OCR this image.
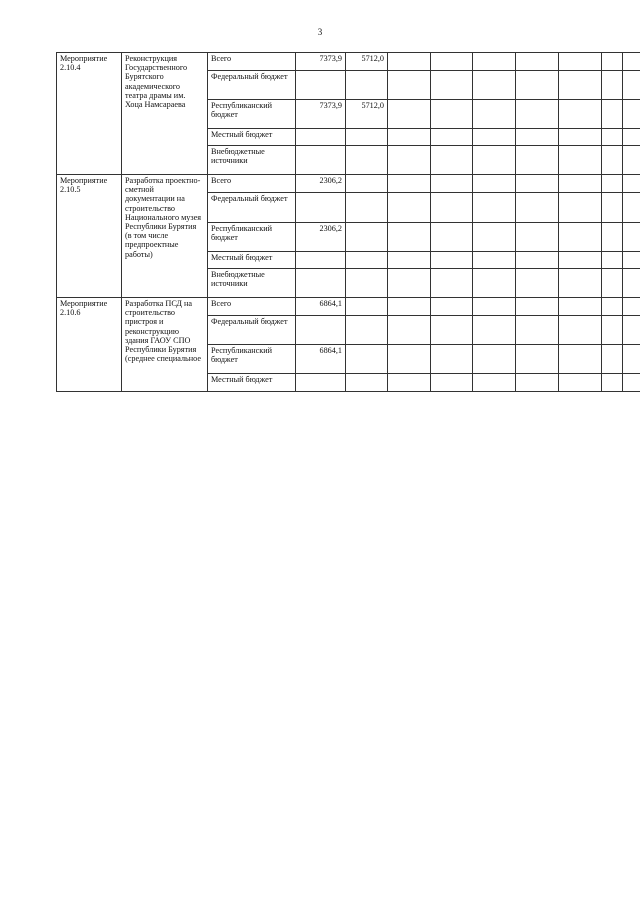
3
Мероприятие 2.10.4	Реконструкция Государственного Бурятского академического театра драмы им. Хоца Намсараева	Всего	7373,9	5712,0							
		Федеральный бюджет									
		Республиканский бюджет	7373,9	5712,0							
		Местный бюджет									
		Внебюджетные источники									
Мероприятие 2.10.5	Разработка проектно-сметной документации на строительство Национального музея Республики Бурятия (в том числе предпроектные работы)	Всего	2306,2								
		Федеральный бюджет									
		Республиканский бюджет	2306,2								
		Местный бюджет									
		Внебюджетные источники									
Мероприятие 2.10.6	Разработка ПСД на строительство пристроя и реконструкцию здания ГАОУ СПО Республики Бурятия (среднее специальное	Всего	6864,1								
		Федеральный бюджет									
		Республиканский бюджет	6864,1								
		Местный бюджет									
